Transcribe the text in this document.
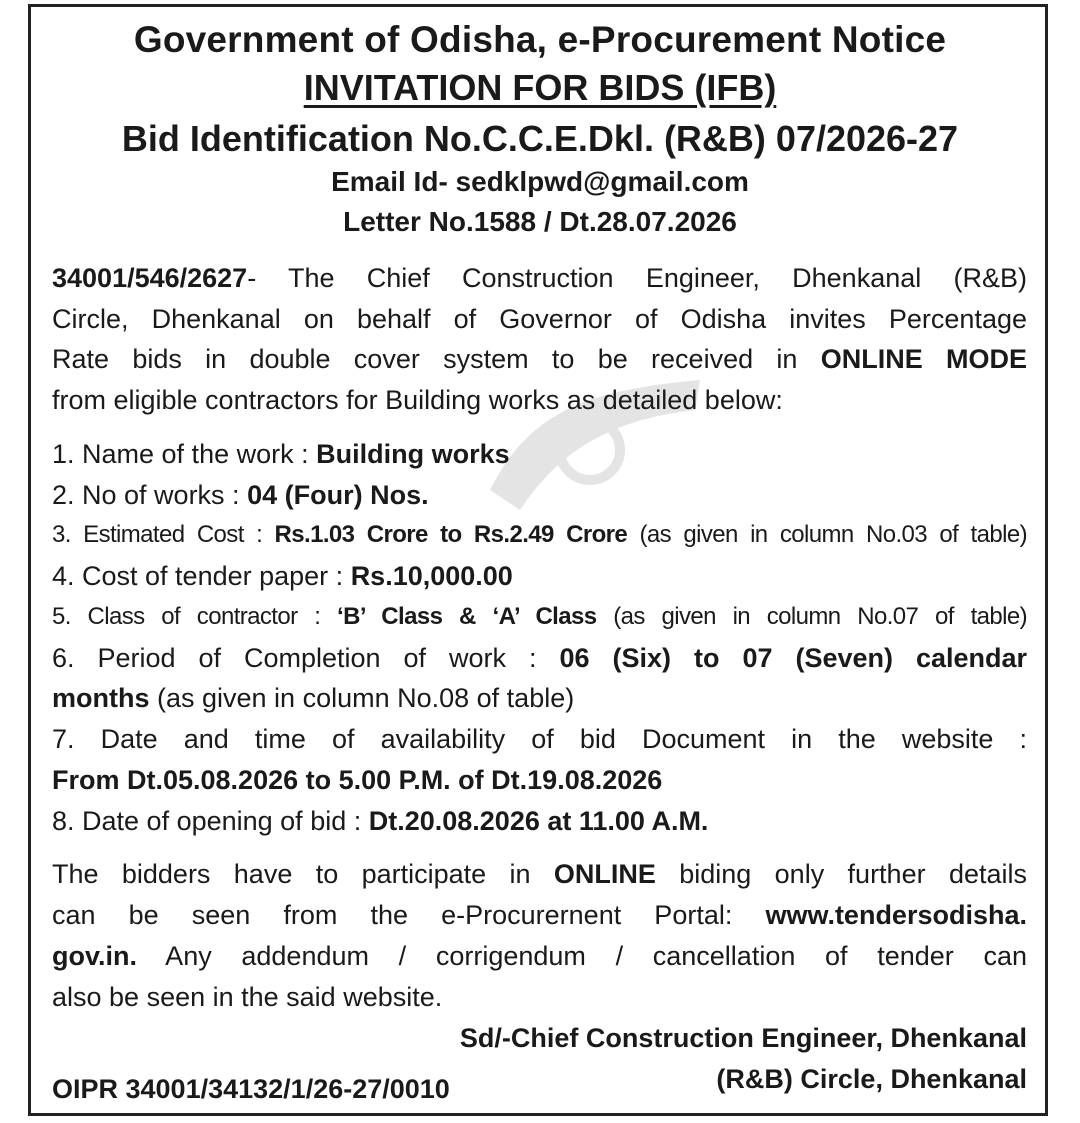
Government of Odisha, e-Procurement Notice
INVITATION FOR BIDS (IFB)
Bid Identification No.C.C.E.Dkl. (R&B) 07/2026-27
Email Id- sedklpwd@gmail.com
Letter No.1588 / Dt.28.07.2026
34001/546/2627- The Chief Construction Engineer, Dhenkanal (R&B)
Circle, Dhenkanal on behalf of Governor of Odisha invites Percentage
Rate bids in double cover system to be received in ONLINE MODE
from eligible contractors for Building works as detailed below:
1. Name of the work : Building works
2. No of works : 04 (Four) Nos.
3. Estimated Cost : Rs.1.03 Crore to Rs.2.49 Crore (as given in column No.03 of table)
4. Cost of tender paper : Rs.10,000.00
5. Class of contractor : ‘B’ Class & ‘A’ Class (as given in column No.07 of table)
6. Period of Completion of work : 06 (Six) to 07 (Seven) calendar
months (as given in column No.08 of table)
7. Date and time of availability of bid Document in the website :
From Dt.05.08.2026 to 5.00 P.M. of Dt.19.08.2026
8. Date of opening of bid : Dt.20.08.2026 at 11.00 A.M.
The bidders have to participate in ONLINE biding only further details
can be seen from the e-Procurernent Portal: www.tendersodisha.
gov.in. Any addendum / corrigendum / cancellation of tender can
also be seen in the said website.
Sd/-Chief Construction Engineer, Dhenkanal
(R&B) Circle, Dhenkanal
OIPR 34001/34132/1/26-27/0010
